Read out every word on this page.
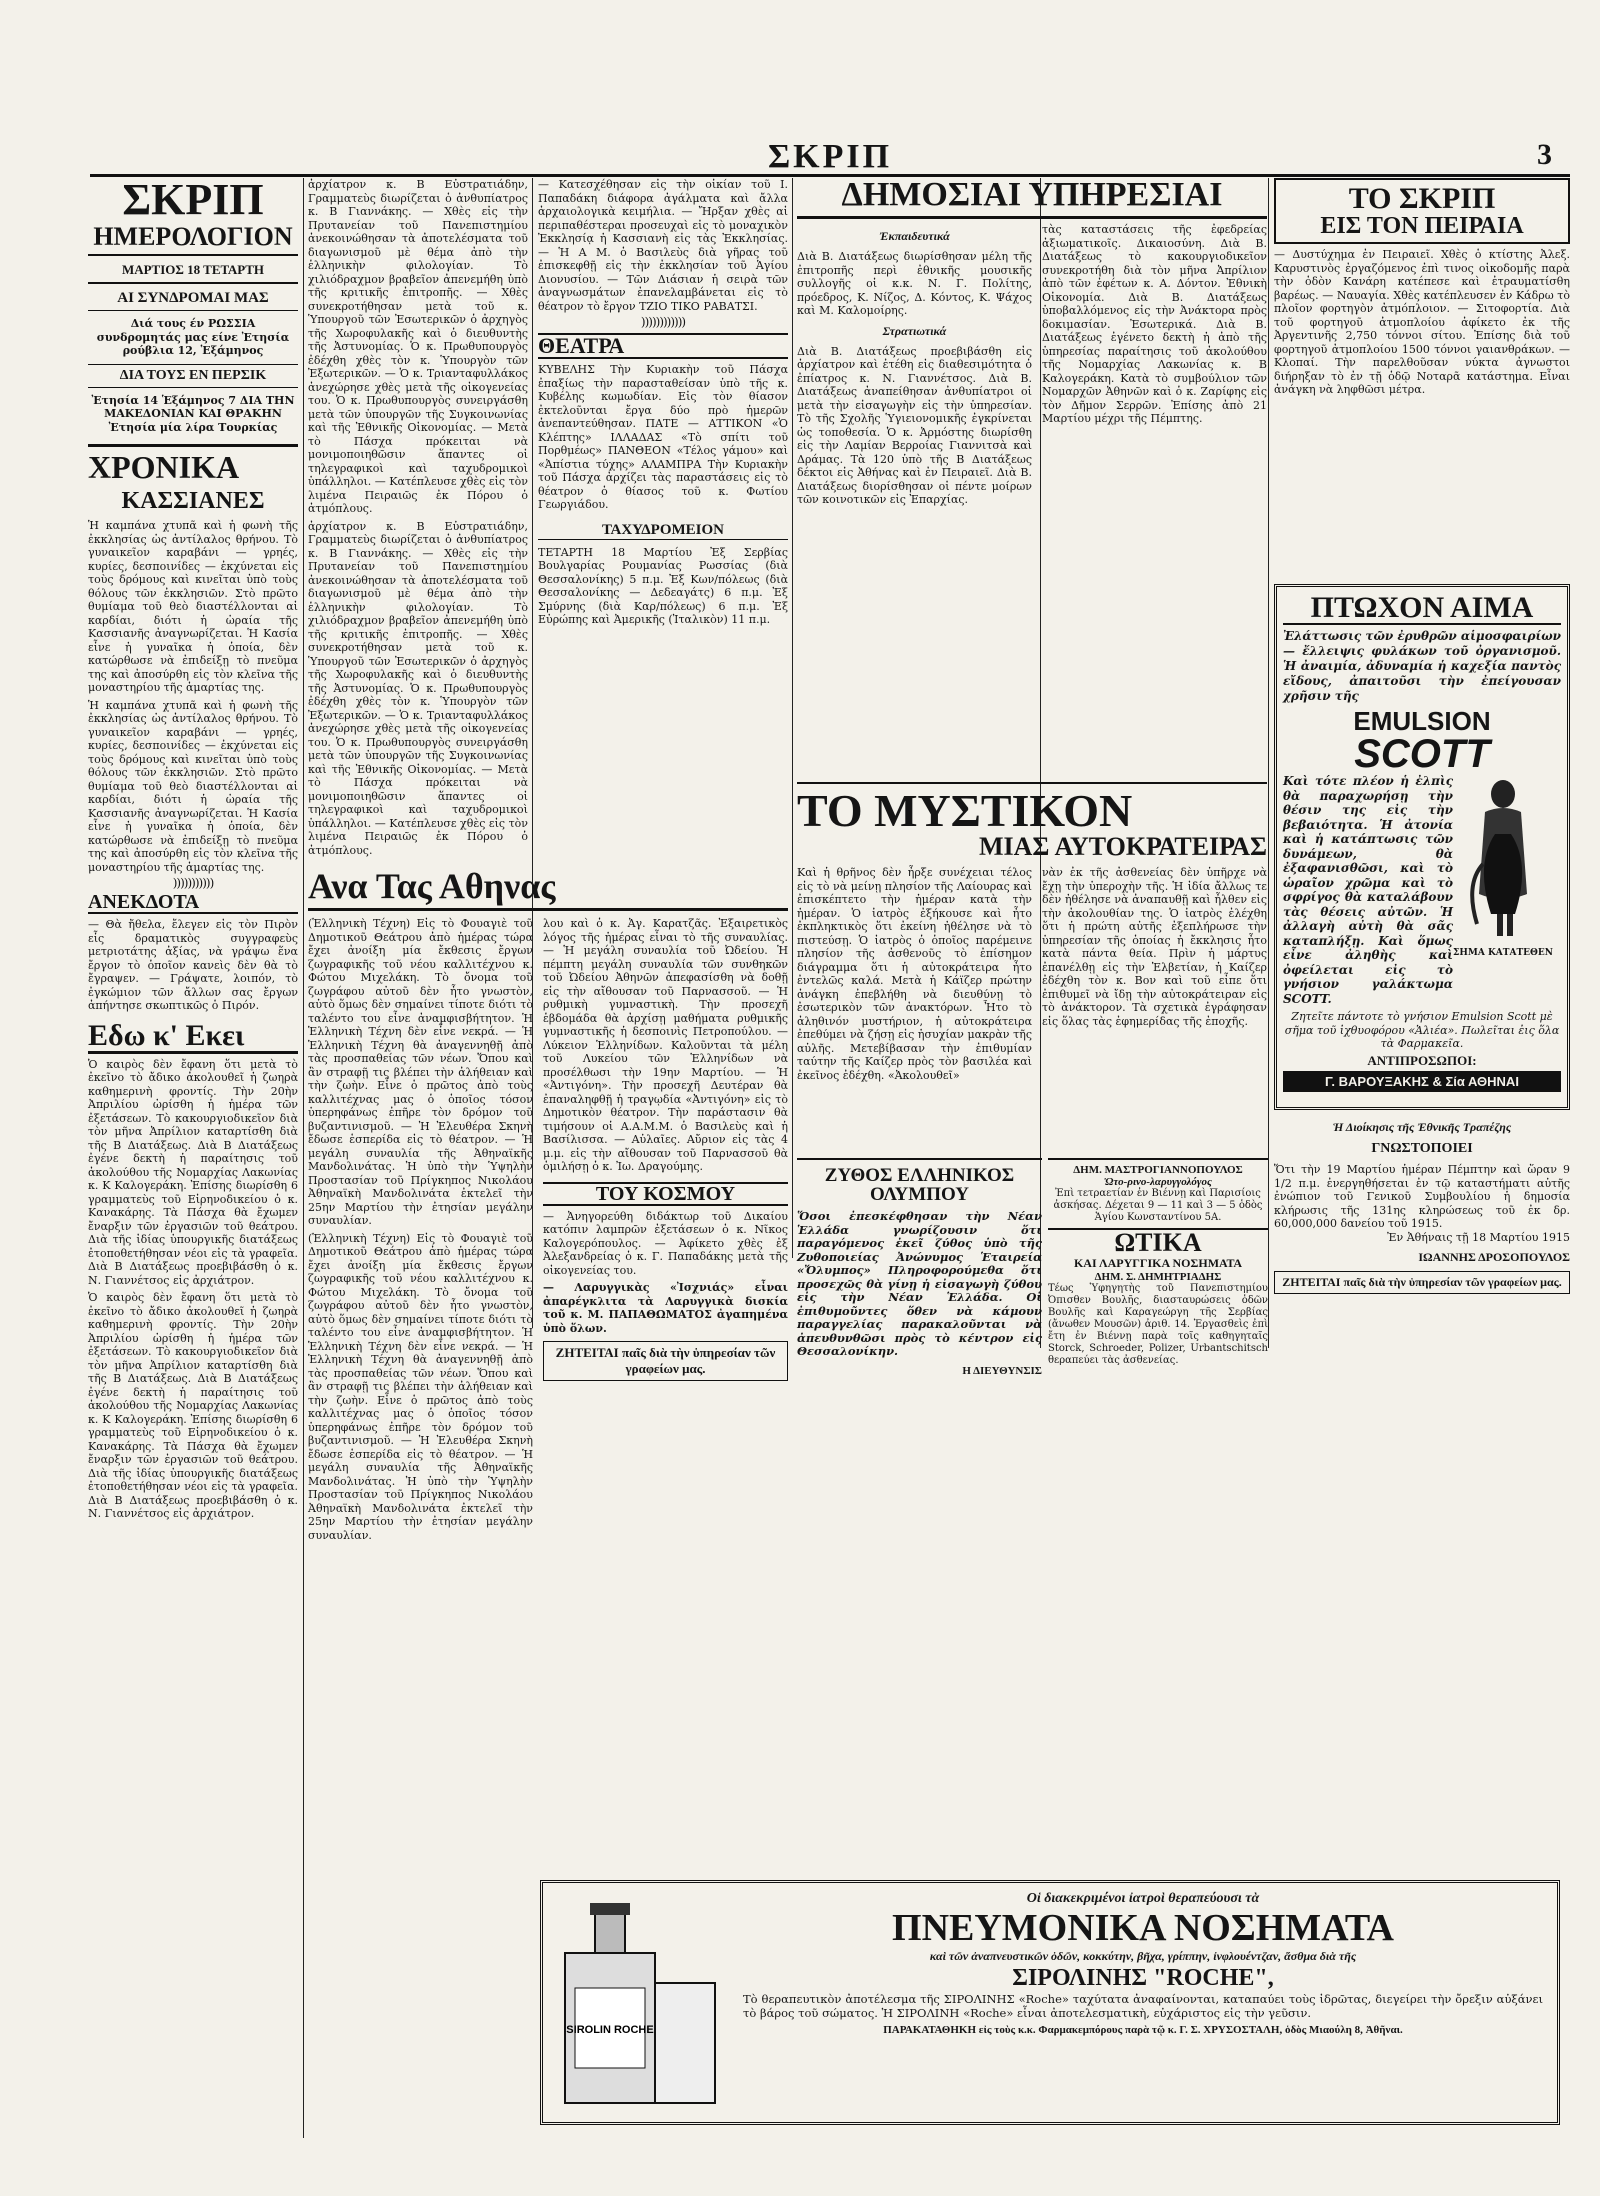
ΣΚΡΙΠ	3
ΣΚΡΙΠ
ΗΜΕΡΟΛΟΓΙΟΝ
ΜΑΡΤΙΟΣ 18 ΤΕΤΑΡΤΗ
ΑΙ ΣΥΝΔΡΟΜΑΙ ΜΑΣ
Διά τους έν ΡΩΣΣΙΑ συνδρομητάς μας είνε Ἐτησία ρούβλια 12, Ἑξάμηνος
ΔΙΑ ΤΟΥΣ ΕΝ ΠΕΡΣΙΚ
Ἐτησία 14 Ἑξάμηνος 7 ΔΙΑ ΤΗΝ ΜΑΚΕΔΟΝΙΑΝ ΚΑΙ ΘΡΑΚΗΝ Ἐτησία μία λίρα Τουρκίας
ΧΡΟΝΙΚΑ
ΚΑΣΣΙΑΝΕΣ
Ἡ καμπάνα χτυπᾶ καὶ ἡ φωνὴ τῆς ἐκκλησίας ὡς ἀντίλαλος θρήνου. Τὸ γυναικεῖον καραβάνι — γρηές, κυρίες, δεσποινίδες — ἐκχύνεται εἰς τοὺς δρόμους καὶ κινεῖται ὑπὸ τοὺς θόλους τῶν ἐκκλησιῶν. Στὸ πρῶτο θυμίαμα τοῦ θεὸ διαστέλλονται αἱ καρδίαι, διότι ἡ ὡραία τῆς Κασσιανῆς ἀναγνωρίζεται. Ἡ Κασία εἶνε ἡ γυναῖκα ἡ ὁποία, δὲν κατώρθωσε νὰ ἐπιδείξῃ τὸ πνεῦμα της καὶ ἀποσύρθη εἰς τὸν κλεῖνα τῆς μοναστηρίου τῆς ἁμαρτίας της.
Ἡ καμπάνα χτυπᾶ καὶ ἡ φωνὴ τῆς ἐκκλησίας ὡς ἀντίλαλος θρήνου. Τὸ γυναικεῖον καραβάνι — γρηές, κυρίες, δεσποινίδες — ἐκχύνεται εἰς τοὺς δρόμους καὶ κινεῖται ὑπὸ τοὺς θόλους τῶν ἐκκλησιῶν. Στὸ πρῶτο θυμίαμα τοῦ θεὸ διαστέλλονται αἱ καρδίαι, διότι ἡ ὡραία τῆς Κασσιανῆς ἀναγνωρίζεται. Ἡ Κασία εἶνε ἡ γυναῖκα ἡ ὁποία, δὲν κατώρθωσε νὰ ἐπιδείξῃ τὸ πνεῦμα της καὶ ἀποσύρθη εἰς τὸν κλεῖνα τῆς μοναστηρίου τῆς ἁμαρτίας της.
)))))))))))
ΑΝΕΚΔΟΤΑ
— Θὰ ἤθελα, ἔλεγεν εἰς τὸν Πιρὸν εἷς δραματικὸς συγγραφεὺς μετριοτάτης ἀξίας, νὰ γράψω ἕνα ἔργον τὸ ὁποῖον κανεὶς δὲν θὰ τὸ ἔγραψεν. — Γράψατε, λοιπόν, τὸ ἐγκώμιον τῶν ἄλλων σας ἔργων ἀπήντησε σκωπτικῶς ὁ Πιρόν.
Εδω κ' Εκει
Ὁ καιρὸς δὲν ἔφανη ὅτι μετὰ τὸ ἐκεῖνο τὸ ἄδικο ἀκολουθεῖ ἡ ζωηρὰ καθημερινὴ φροντίς. Τὴν 20ὴν Ἀπριλίου ὡρίσθη ἡ ἡμέρα τῶν ἐξετάσεων. Τὸ κακουργιοδικεῖον διὰ τὸν μῆνα Ἀπρίλιον καταρτίσθη διὰ τῆς Β Διατάξεως. Διὰ Β Διατάξεως ἐγένε δεκτὴ ἡ παραίτησις τοῦ ἀκολούθου τῆς Νομαρχίας Λακωνίας κ. Κ Καλογεράκη. Ἐπίσης διωρίσθη 6 γραμματεὺς τοῦ Εἰρηνοδικείου ὁ κ. Κανακάρης. Τὰ Πάσχα θὰ ἔχωμεν ἔναρξιν τῶν ἐργασιῶν τοῦ θεάτρου. Διὰ τῆς ἰδίας ὑπουργικῆς διατάξεως ἐτοποθετήθησαν νέοι εἰς τὰ γραφεῖα. Διὰ Β Διατάξεως προεβιβάσθη ὁ κ. Ν. Γιαννέτσος εἰς ἀρχιάτρον.
Ὁ καιρὸς δὲν ἔφανη ὅτι μετὰ τὸ ἐκεῖνο τὸ ἄδικο ἀκολουθεῖ ἡ ζωηρὰ καθημερινὴ φροντίς. Τὴν 20ὴν Ἀπριλίου ὡρίσθη ἡ ἡμέρα τῶν ἐξετάσεων. Τὸ κακουργιοδικεῖον διὰ τὸν μῆνα Ἀπρίλιον καταρτίσθη διὰ τῆς Β Διατάξεως. Διὰ Β Διατάξεως ἐγένε δεκτὴ ἡ παραίτησις τοῦ ἀκολούθου τῆς Νομαρχίας Λακωνίας κ. Κ Καλογεράκη. Ἐπίσης διωρίσθη 6 γραμματεὺς τοῦ Εἰρηνοδικείου ὁ κ. Κανακάρης. Τὰ Πάσχα θὰ ἔχωμεν ἔναρξιν τῶν ἐργασιῶν τοῦ θεάτρου. Διὰ τῆς ἰδίας ὑπουργικῆς διατάξεως ἐτοποθετήθησαν νέοι εἰς τὰ γραφεῖα. Διὰ Β Διατάξεως προεβιβάσθη ὁ κ. Ν. Γιαννέτσος εἰς ἀρχιάτρον.
ἀρχίατρον κ. Β Εὐστρατιάδην, Γραμματεὺς διωρίζεται ὁ ἀνθυπίατρος κ. Β Γιαννάκης. — Χθὲς εἰς τὴν Πρυτανείαν τοῦ Πανεπιστημίου ἀνεκοινώθησαν τὰ ἀποτελέσματα τοῦ διαγωνισμοῦ μὲ θέμα ἀπὸ τὴν ἑλληνικὴν φιλολογίαν. Τὸ χιλιόδραχμον βραβεῖον ἀπενεμήθη ὑπὸ τῆς κριτικῆς ἐπιτροπῆς. — Χθὲς συνεκροτήθησαν μετὰ τοῦ κ. Ὑπουργοῦ τῶν Ἐσωτερικῶν ὁ ἀρχηγὸς τῆς Χωροφυλακῆς καὶ ὁ διευθυντὴς τῆς Ἀστυνομίας. Ὁ κ. Πρωθυπουργὸς ἐδέχθη χθὲς τὸν κ. Ὑπουργὸν τῶν Ἐξωτερικῶν. — Ὁ κ. Τριανταφυλλάκος ἀνεχώρησε χθὲς μετὰ τῆς οἰκογενείας του. Ὁ κ. Πρωθυπουργὸς συνειργάσθη μετὰ τῶν ὑπουργῶν τῆς Συγκοινωνίας καὶ τῆς Ἐθνικῆς Οἰκονομίας. — Μετὰ τὸ Πάσχα πρόκειται νὰ μονιμοποιηθῶσιν ἅπαντες οἱ τηλεγραφικοὶ καὶ ταχυδρομικοὶ ὑπάλληλοι. — Κατέπλευσε χθὲς εἰς τὸν λιμένα Πειραιῶς ἐκ Πόρου ὁ ἀτμόπλους.
ἀρχίατρον κ. Β Εὐστρατιάδην, Γραμματεὺς διωρίζεται ὁ ἀνθυπίατρος κ. Β Γιαννάκης. — Χθὲς εἰς τὴν Πρυτανείαν τοῦ Πανεπιστημίου ἀνεκοινώθησαν τὰ ἀποτελέσματα τοῦ διαγωνισμοῦ μὲ θέμα ἀπὸ τὴν ἑλληνικὴν φιλολογίαν. Τὸ χιλιόδραχμον βραβεῖον ἀπενεμήθη ὑπὸ τῆς κριτικῆς ἐπιτροπῆς. — Χθὲς συνεκροτήθησαν μετὰ τοῦ κ. Ὑπουργοῦ τῶν Ἐσωτερικῶν ὁ ἀρχηγὸς τῆς Χωροφυλακῆς καὶ ὁ διευθυντὴς τῆς Ἀστυνομίας. Ὁ κ. Πρωθυπουργὸς ἐδέχθη χθὲς τὸν κ. Ὑπουργὸν τῶν Ἐξωτερικῶν. — Ὁ κ. Τριανταφυλλάκος ἀνεχώρησε χθὲς μετὰ τῆς οἰκογενείας του. Ὁ κ. Πρωθυπουργὸς συνειργάσθη μετὰ τῶν ὑπουργῶν τῆς Συγκοινωνίας καὶ τῆς Ἐθνικῆς Οἰκονομίας. — Μετὰ τὸ Πάσχα πρόκειται νὰ μονιμοποιηθῶσιν ἅπαντες οἱ τηλεγραφικοὶ καὶ ταχυδρομικοὶ ὑπάλληλοι. — Κατέπλευσε χθὲς εἰς τὸν λιμένα Πειραιῶς ἐκ Πόρου ὁ ἀτμόπλους.
— Κατεσχέθησαν εἰς τὴν οἰκίαν τοῦ Ι. Παπαδάκη διάφορα ἀγάλματα καὶ ἄλλα ἀρχαιολογικὰ κειμήλια. — Ἤρξαν χθὲς αἱ περιπαθέστεραι προσευχαὶ εἰς τὸ μοναχικὸν Ἐκκλησίᾳ ἡ Κασσιανὴ εἰς τὰς Ἐκκλησίας. — Ἡ Α Μ. ὁ Βασιλεὺς διὰ γῆρας τοῦ ἐπισκεφθῇ εἰς τὴν ἐκκλησίαν τοῦ Ἁγίου Διονυσίου. — Τῶν Διάσιαν ἡ σειρὰ τῶν ἀναγνωσμάτων ἐπανελαμβάνεται εἰς τὸ θέατρον τὸ ἔργον ΤΖΙΟ ΤΙΚΟ ΡΑΒΑΤΣΙ.
))))))))))))
ΘΕΑΤΡΑ
ΚΥΒΕΛΗΣ Τὴν Κυριακὴν τοῦ Πάσχα ἐπαξίως τὴν παρασταθείσαν ὑπὸ τῆς κ. Κυβέλης κωμωδίαν. Εἰς τὸν θίασον ἐκτελοῦνται ἔργα δύο πρὸ ἡμερῶν ἀνεπαντεύθησαν. ΠΑΤΕ — ΑΤΤΙΚΟΝ «Ὁ Κλέπτης» ΙΛΛΑΔΑΣ «Τὸ σπίτι τοῦ Πορθμέως» ΠΑΝΘΕΟΝ «Τέλος γάμου» καὶ «Ἀπίστια τύχης» ΑΛΑΜΠΡΑ Τὴν Κυριακὴν τοῦ Πάσχα ἀρχίζει τὰς παραστάσεις εἰς τὸ θέατρον ὁ θίασος τοῦ κ. Φωτίου Γεωργιάδου.
ΤΑΧΥΔΡΟΜΕΙΟΝ
ΤΕΤΑΡΤΗ 18 Μαρτίου Ἐξ Σερβίας Βουλγαρίας Ρουμανίας Ρωσσίας (διὰ Θεσσαλονίκης) 5 π.μ. Ἐξ Κων/πόλεως (διὰ Θεσσαλονίκης — Δεδεαγάτς) 6 π.μ. Ἐξ Σμύρνης (διὰ Καρ/πόλεως) 6 π.μ. Ἐξ Εὐρώπης καὶ Ἀμερικῆς (Ἰταλικὸν) 11 π.μ.
Ανα Τας Αθηνας
(Ἑλληνικὴ Τέχνη) Εἰς τὸ Φουαγιὲ τοῦ Δημοτικοῦ Θεάτρου ἀπὸ ἡμέρας τώρα ἔχει ἀνοίξη μία ἔκθεσις ἔργων ζωγραφικῆς τοῦ νέου καλλιτέχνου κ. Φώτου Μιχελάκη. Τὸ ὄνομα τοῦ ζωγράφου αὐτοῦ δὲν ἦτο γνωστὸν, αὐτὸ ὅμως δὲν σημαίνει τίποτε διότι τὸ ταλέντο του εἶνε ἀναμφισβήτητον. Ἡ Ἑλληνικὴ Τέχνη δὲν εἶνε νεκρά. — Ἡ Ἑλληνικὴ Τέχνη θὰ ἀναγεννηθῇ ἀπὸ τὰς προσπαθείας τῶν νέων. Ὅπου καὶ ἂν στραφῇ τις βλέπει τὴν ἀλήθειαν καὶ τὴν ζωὴν. Εἶνε ὁ πρῶτος ἀπὸ τοὺς καλλιτέχνας μας ὁ ὁποῖος τόσον ὑπερηφάνως ἐπῆρε τὸν δρόμον τοῦ βυζαντινισμοῦ. — Ἡ Ἐλευθέρα Σκηνὴ ἔδωσε ἑσπερίδα εἰς τὸ θέατρον. — Ἡ μεγάλη συναυλία τῆς Ἀθηναϊκῆς Μανδολινάτας. Ἡ ὑπὸ τὴν Ὑψηλὴν Προστασίαν τοῦ Πρίγκηπος Νικολάου Ἀθηναϊκὴ Μανδολινάτα ἐκτελεῖ τὴν 25ην Μαρτίου τὴν ἐτησίαν μεγάλην συναυλίαν.
(Ἑλληνικὴ Τέχνη) Εἰς τὸ Φουαγιὲ τοῦ Δημοτικοῦ Θεάτρου ἀπὸ ἡμέρας τώρα ἔχει ἀνοίξη μία ἔκθεσις ἔργων ζωγραφικῆς τοῦ νέου καλλιτέχνου κ. Φώτου Μιχελάκη. Τὸ ὄνομα τοῦ ζωγράφου αὐτοῦ δὲν ἦτο γνωστὸν, αὐτὸ ὅμως δὲν σημαίνει τίποτε διότι τὸ ταλέντο του εἶνε ἀναμφισβήτητον. Ἡ Ἑλληνικὴ Τέχνη δὲν εἶνε νεκρά. — Ἡ Ἑλληνικὴ Τέχνη θὰ ἀναγεννηθῇ ἀπὸ τὰς προσπαθείας τῶν νέων. Ὅπου καὶ ἂν στραφῇ τις βλέπει τὴν ἀλήθειαν καὶ τὴν ζωὴν. Εἶνε ὁ πρῶτος ἀπὸ τοὺς καλλιτέχνας μας ὁ ὁποῖος τόσον ὑπερηφάνως ἐπῆρε τὸν δρόμον τοῦ βυζαντινισμοῦ. — Ἡ Ἐλευθέρα Σκηνὴ ἔδωσε ἑσπερίδα εἰς τὸ θέατρον. — Ἡ μεγάλη συναυλία τῆς Ἀθηναϊκῆς Μανδολινάτας. Ἡ ὑπὸ τὴν Ὑψηλὴν Προστασίαν τοῦ Πρίγκηπος Νικολάου Ἀθηναϊκὴ Μανδολινάτα ἐκτελεῖ τὴν 25ην Μαρτίου τὴν ἐτησίαν μεγάλην συναυλίαν.
λου καὶ ὁ κ. Ἀγ. Καρατζᾶς. Ἐξαιρετικὸς λόγος τῆς ἡμέρας εἶναι τὸ τῆς συναυλίας. — Ἡ μεγάλη συναυλία τοῦ Ὠδείου. Ἡ πέμπτη μεγάλη συναυλία τῶν συνθηκῶν τοῦ Ὠδείου Ἀθηνῶν ἀπεφασίσθη νὰ δοθῇ εἰς τὴν αἴθουσαν τοῦ Παρνασσοῦ. — Ἡ ρυθμικὴ γυμναστικὴ. Τὴν προσεχῆ ἑβδομάδα θὰ ἀρχίσῃ μαθήματα ρυθμικῆς γυμναστικῆς ἡ δεσποινὶς Πετροπούλου. — Λύκειον Ἑλληνίδων. Καλοῦνται τὰ μέλη τοῦ Λυκείου τῶν Ἑλληνίδων νὰ προσέλθωσι τὴν 19ην Μαρτίου. — Ἡ «Ἀντιγόνη». Τὴν προσεχῆ Δευτέραν θὰ ἐπαναληφθῇ ἡ τραγῳδία «Ἀντιγόνη» εἰς τὸ Δημοτικὸν θέατρον. Τὴν παράστασιν θὰ τιμήσουν οἱ Α.Α.Μ.Μ. ὁ Βασιλεὺς καὶ ἡ Βασίλισσα. — Αὐλαῖες. Αὔριον εἰς τὰς 4 μ.μ. εἰς τὴν αἴθουσαν τοῦ Παρνασσοῦ θὰ ὁμιλήσῃ ὁ κ. Ἰω. Δραγούμης.
ΤΟΥ ΚΟΣΜΟΥ
— Ἀνηγορεύθη διδάκτωρ τοῦ Δικαίου κατόπιν λαμπρῶν ἐξετάσεων ὁ κ. Νῖκος Καλογερόπουλος. — Ἀφίκετο χθὲς ἐξ Ἀλεξανδρείας ὁ κ. Γ. Παπαδάκης μετὰ τῆς οἰκογενείας του.
— Λαρυγγικὰς «Ἰσχνιάς» εἶναι ἀπαρέγκλιτα τὰ Λαρυγγικὰ δισκία τοῦ κ. Μ. ΠΑΠΑΘΩΜΑΤΟΣ ἀγαπημένα ὑπὸ ὅλων.
ΖΗΤΕΙΤΑΙ παῖς διὰ τὴν ὑπηρεσίαν τῶν γραφείων μας.
ΔΗΜΟΣΙΑΙ ΥΠΗΡΕΣΙΑΙ
Ἐκπαιδευτικά
Διὰ Β. Διατάξεως διωρίσθησαν μέλη τῆς ἐπιτροπῆς περὶ ἐθνικῆς μουσικῆς συλλογῆς οἱ κ.κ. Ν. Γ. Πολίτης, πρόεδρος, Κ. Νίζος, Δ. Κόντος, Κ. Ψάχος καὶ Μ. Καλομοίρης.
Στρατιωτικά
Διὰ Β. Διατάξεως προεβιβάσθη εἰς ἀρχίατρον καὶ ἐτέθη εἰς διαθεσιμότητα ὁ ἐπίατρος κ. Ν. Γιαννέτσος. Διὰ Β. Διατάξεως ἀναπείθησαν ἀνθυπίατροι οἱ μετὰ τὴν εἰσαγωγὴν εἰς τὴν ὑπηρεσίαν. Τὸ τῆς Σχολῆς Ὑγιειονομικῆς ἐγκρίνεται ὡς τοποθεσία. Ὁ κ. Ἀρμόστης διωρίσθη εἰς τὴν Λαμίαν Βερροίας Γιαννιτσὰ καὶ Δράμας. Τὰ 120 ὑπὸ τῆς Β Διατάξεως δέκτοι εἰς Ἀθήνας καὶ ἐν Πειραιεῖ. Διὰ Β. Διατάξεως διορίσθησαν οἱ πέντε μοίρων τῶν κοινοτικῶν εἰς Ἐπαρχίας.
τὰς καταστάσεις τῆς ἐφεδρείας ἀξιωματικοῖς. Δικαιοσύνη. Διὰ Β. Διατάξεως τὸ κακουργιοδικεῖον συνεκροτήθη διὰ τὸν μῆνα Ἀπρίλιον ἀπὸ τῶν ἐφέτων κ. Α. Δόντον. Ἐθνικὴ Οἰκονομία. Διὰ Β. Διατάξεως ὑποβαλλόμενος εἰς τὴν Ἀνάκτορα πρὸς δοκιμασίαν. Ἐσωτερικά. Διὰ Β. Διατάξεως ἐγένετο δεκτὴ ἡ ἀπὸ τῆς ὑπηρεσίας παραίτησις τοῦ ἀκολούθου τῆς Νομαρχίας Λακωνίας κ. Β Καλογεράκη. Κατὰ τὸ συμβούλιον τῶν Νομαρχῶν Ἀθηνῶν καὶ ὁ κ. Ζαρίφης εἰς τὸν Δῆμον Σερρῶν. Ἐπίσης ἀπὸ 21 Μαρτίου μέχρι τῆς Πέμπτης.
ΤΟ ΜΥΣΤΙΚΟΝ
ΜΙΑΣ ΑΥΤΟΚΡΑΤΕΙΡΑΣ
Καὶ ἡ θρῆνος δὲν ἦρξε συνέχειαι τέλος εἰς τὸ νὰ μείνῃ πλησίον τῆς Λαίουρας καὶ ἐπισκέπτετο τὴν ἡμέραν κατὰ τὴν ἡμέραν. Ὁ ἰατρὸς ἐξήκουσε καὶ ἦτο ἐκπληκτικὸς ὅτι ἐκείνη ἠθέλησε νὰ τὸ πιστεύσῃ. Ὁ ἰατρὸς ὁ ὁποῖος παρέμεινε πλησίον τῆς ἀσθενοῦς τὸ ἐπίσημον διάγραμμα ὅτι ἡ αὐτοκράτειρα ἦτο ἐντελῶς καλά. Μετὰ ἡ Κάϊζερ πρώτην ἀνάγκη ἐπεβλήθη νὰ διευθύνῃ τὸ ἐσωτερικὸν τῶν ἀνακτόρων. Ἦτο τὸ ἀληθινόν μυστήριον, ἡ αὐτοκράτειρα ἐπεθύμει νὰ ζήσῃ εἰς ἡσυχίαν μακρὰν τῆς αὐλῆς. Μετεβίβασαν τὴν ἐπιθυμίαν ταύτην τῆς Καίζερ πρὸς τὸν βασιλέα καὶ ἐκεῖνος ἐδέχθη. «Ἀκολουθεῖ»
νὰν ἐκ τῆς ἀσθενείας δὲν ὑπῆρχε νὰ ἔχῃ τὴν ὑπεροχὴν τῆς. Ἡ ἰδία ἄλλως τε δὲν ἠθέλησε νὰ ἀναπαυθῇ καὶ ἦλθεν εἰς τὴν ἀκολουθίαν της. Ὁ ἰατρὸς ἐλέχθη ὅτι ἡ πρώτη αὐτῆς ἐξεπλήρωσε τὴν ὑπηρεσίαν τῆς ὁποίας ἡ ἔκκλησις ἦτο κατὰ πάντα θεία. Πρὶν ἡ μάρτυς ἐπανέλθῃ εἰς τὴν Ἑλβετίαν, ἡ Καίζερ ἐδέχθη τὸν κ. Βον καὶ τοῦ εἶπε ὅτι ἐπιθυμεῖ νὰ ἴδῃ τὴν αὐτοκράτειραν εἰς τὸ ἀνάκτορον. Τὰ σχετικὰ ἐγράφησαν εἰς ὅλας τὰς ἐφημερίδας τῆς ἐποχῆς.
ΖΥΘΟΣ ΕΛΛΗΝΙΚΟΣ ΟΛΥΜΠΟΥ
Ὅσοι ἐπεσκέφθησαν τὴν Νέαν Ἑλλάδα γνωρίζουσιν ὅτι παραγόμενος ἐκεῖ ζύθος ὑπὸ τῆς Ζυθοποιείας Ἀνώνυμος Ἑταιρεία «Ὄλυμπος» Πληροφορούμεθα ὅτι προσεχῶς θὰ γίνῃ ἡ εἰσαγωγὴ ζύθου εἰς τὴν Νέαν Ἑλλάδα. Οἱ ἐπιθυμοῦντες ὅθεν νὰ κάμουν παραγγελίας παρακαλοῦνται νὰ ἀπευθυνθῶσι πρὸς τὸ κέντρον εἰς Θεσσαλονίκην.
Η ΔΙΕΥΘΥΝΣΙΣ
ΔΗΜ. ΜΑΣΤΡΟΓΙΑΝΝΟΠΟΥΛΟΣ
Ὠτο-ρινο-λαρυγγολόγος
Ἐπὶ τετραετίαν ἐν Βιέννῃ καὶ Παρισίοις ἀσκήσας. Δέχεται 9 — 11 καὶ 3 — 5 ὁδὸς Ἁγίου Κωνσταντίνου 5Α.
ΩΤΙΚΑ
ΚΑΙ ΛΑΡΥΓΓΙΚΑ ΝΟΣΗΜΑΤΑ
ΔΗΜ. Σ. ΔΗΜΗΤΡΙΑΔΗΣ
Τέως Ὑφηγητὴς τοῦ Πανεπιστημίου Ὀπισθεν Βουλῆς, διασταυρώσεις ὁδῶν Βουλῆς καὶ Καραγεώργη τῆς Σερβίας (ἄνωθεν Μουσῶν) ἀριθ. 14. Ἐργασθεὶς ἐπὶ ἔτη ἐν Βιέννῃ παρὰ τοῖς καθηγηταῖς Storck, Schroeder, Polizer, Urbantschitsch θεραπεύει τὰς ἀσθενείας.
ΤΟ ΣΚΡΙΠ
ΕΙΣ ΤΟΝ ΠΕΙΡΑΙΑ
— Δυστύχημα ἐν Πειραιεῖ. Χθὲς ὁ κτίστης Ἀλεξ. Καρυστινὸς ἐργαζόμενος ἐπὶ τινος οἰκοδομῆς παρὰ τὴν ὁδὸν Κανάρη κατέπεσε καὶ ἐτραυματίσθη βαρέως. — Ναυαγία. Χθὲς κατέπλευσεν ἐν Κάδρω τὸ πλοῖον φορτηγὸν ἀτμόπλοιον. — Σιτοφορτία. Διὰ τοῦ φορτηγοῦ ἀτμοπλοίου ἀφίκετο ἐκ τῆς Ἀργεντινῆς 2,750 τόννοι σίτου. Ἐπίσης διὰ τοῦ φορτηγοῦ ἀτμοπλοίου 1500 τόννοι γαιανθράκων. — Κλοπαί. Τὴν παρελθοῦσαν νύκτα ἀγνωστοι διήρηξαν τὸ ἐν τῇ ὁδῷ Νοταρᾶ κατάστημα. Εἶναι ἀνάγκη νὰ ληφθῶσι μέτρα.
ΠΤΩΧΟΝ ΑΙΜΑ
Ἐλάττωσις τῶν ἐρυθρῶν αἱμοσφαιρίων — ἔλλειψις φυλάκων τοῦ ὀργανισμοῦ. Ἡ ἀναιμία, ἀδυναμία ἡ καχεξία παντὸς εἴδους, ἀπαιτοῦσι τὴν ἐπείγουσαν χρῆσιν τῆς
EMULSION
SCOTT
Καὶ τότε πλέον ἡ ἐλπὶς θὰ παραχωρήσῃ τὴν θέσιν της εἰς τὴν βεβαιότητα. Ἡ ἀτονία καὶ ἡ κατάπτωσις τῶν δυνάμεων, θὰ ἐξαφανισθῶσι, καὶ τὸ ὡραῖον χρῶμα καὶ τὸ σφρίγος θὰ καταλάβουν τὰς θέσεις αὐτῶν. Ἡ ἀλλαγὴ αὐτὴ θὰ σᾶς καταπλήξῃ. Καὶ ὅμως εἶνε ἀληθὴς καὶ ὀφείλεται εἰς τὸ γνήσιον γαλάκτωμα SCOTT.
ΣΗΜΑ ΚΑΤΑΤΕΘΕΝ
Ζητεῖτε πάντοτε τὸ γνήσιον Emulsion Scott μὲ σῆμα τοῦ ἰχθυοφόρου «Ἁλιέα». Πωλεῖται ἐις ὅλα τὰ Φαρμακεῖα.
ΑΝΤΙΠΡΟΣΩΠΟΙ:
Γ. ΒΑΡΟΥΞΑΚΗΣ & Σία ΑΘΗΝΑΙ
Ἡ Διοίκησις τῆς Ἐθνικῆς Τραπέζης
ΓΝΩΣΤΟΠΟΙΕΙ
Ὅτι τὴν 19 Μαρτίου ἡμέραν Πέμπτην καὶ ὥραν 9 1/2 π.μ. ἐνεργηθήσεται ἐν τῷ καταστήματι αὐτῆς ἐνώπιον τοῦ Γενικοῦ Συμβουλίου ἡ δημοσία κλήρωσις τῆς 131ης κληρώσεως τοῦ ἐκ δρ. 60,000,000 δανείου τοῦ 1915.
Ἐν Ἀθήναις τῇ 18 Μαρτίου 1915
ΙΩΑΝΝΗΣ ΔΡΟΣΟΠΟΥΛΟΣ
ΖΗΤΕΙΤΑΙ παῖς διὰ τὴν ὑπηρεσίαν τῶν γραφείων μας.
SIROLIN ROCHE
Οἱ διακεκριμένοι ἰατροὶ θεραπεύουσι τὰ
ΠΝΕΥΜΟΝΙΚΑ ΝΟΣΗΜΑΤΑ
καὶ τῶν ἀναπνευστικῶν ὁδῶν, κοκκύτην, βῆχα, γρίππην, ἰνφλουέντζαν, ἄσθμα διὰ τῆς
ΣΙΡΟΛΙΝΗΣ "ROCHE",
Τὸ θεραπευτικὸν ἀποτέλεσμα τῆς ΣΙΡΟΛΙΝΗΣ «Roche» ταχύτατα ἀναφαίνονται, καταπαύει τοὺς ἱδρῶτας, διεγείρει τὴν ὄρεξιν αὐξάνει τὸ βάρος τοῦ σώματος. Ἡ ΣΙΡΟΛΙΝΗ «Roche» εἶναι ἀποτελεσματικὴ, εὐχάριστος εἰς τὴν γεῦσιν.
ΠΑΡΑΚΑΤΑΘΗΚΗ εἰς τοὺς κ.κ. Φαρμακεμπόρους παρὰ τῷ κ. Γ. Σ. ΧΡΥΣΟΣΤΑΛΗ, ὁδὸς Μιαούλη 8, Ἀθῆναι.
